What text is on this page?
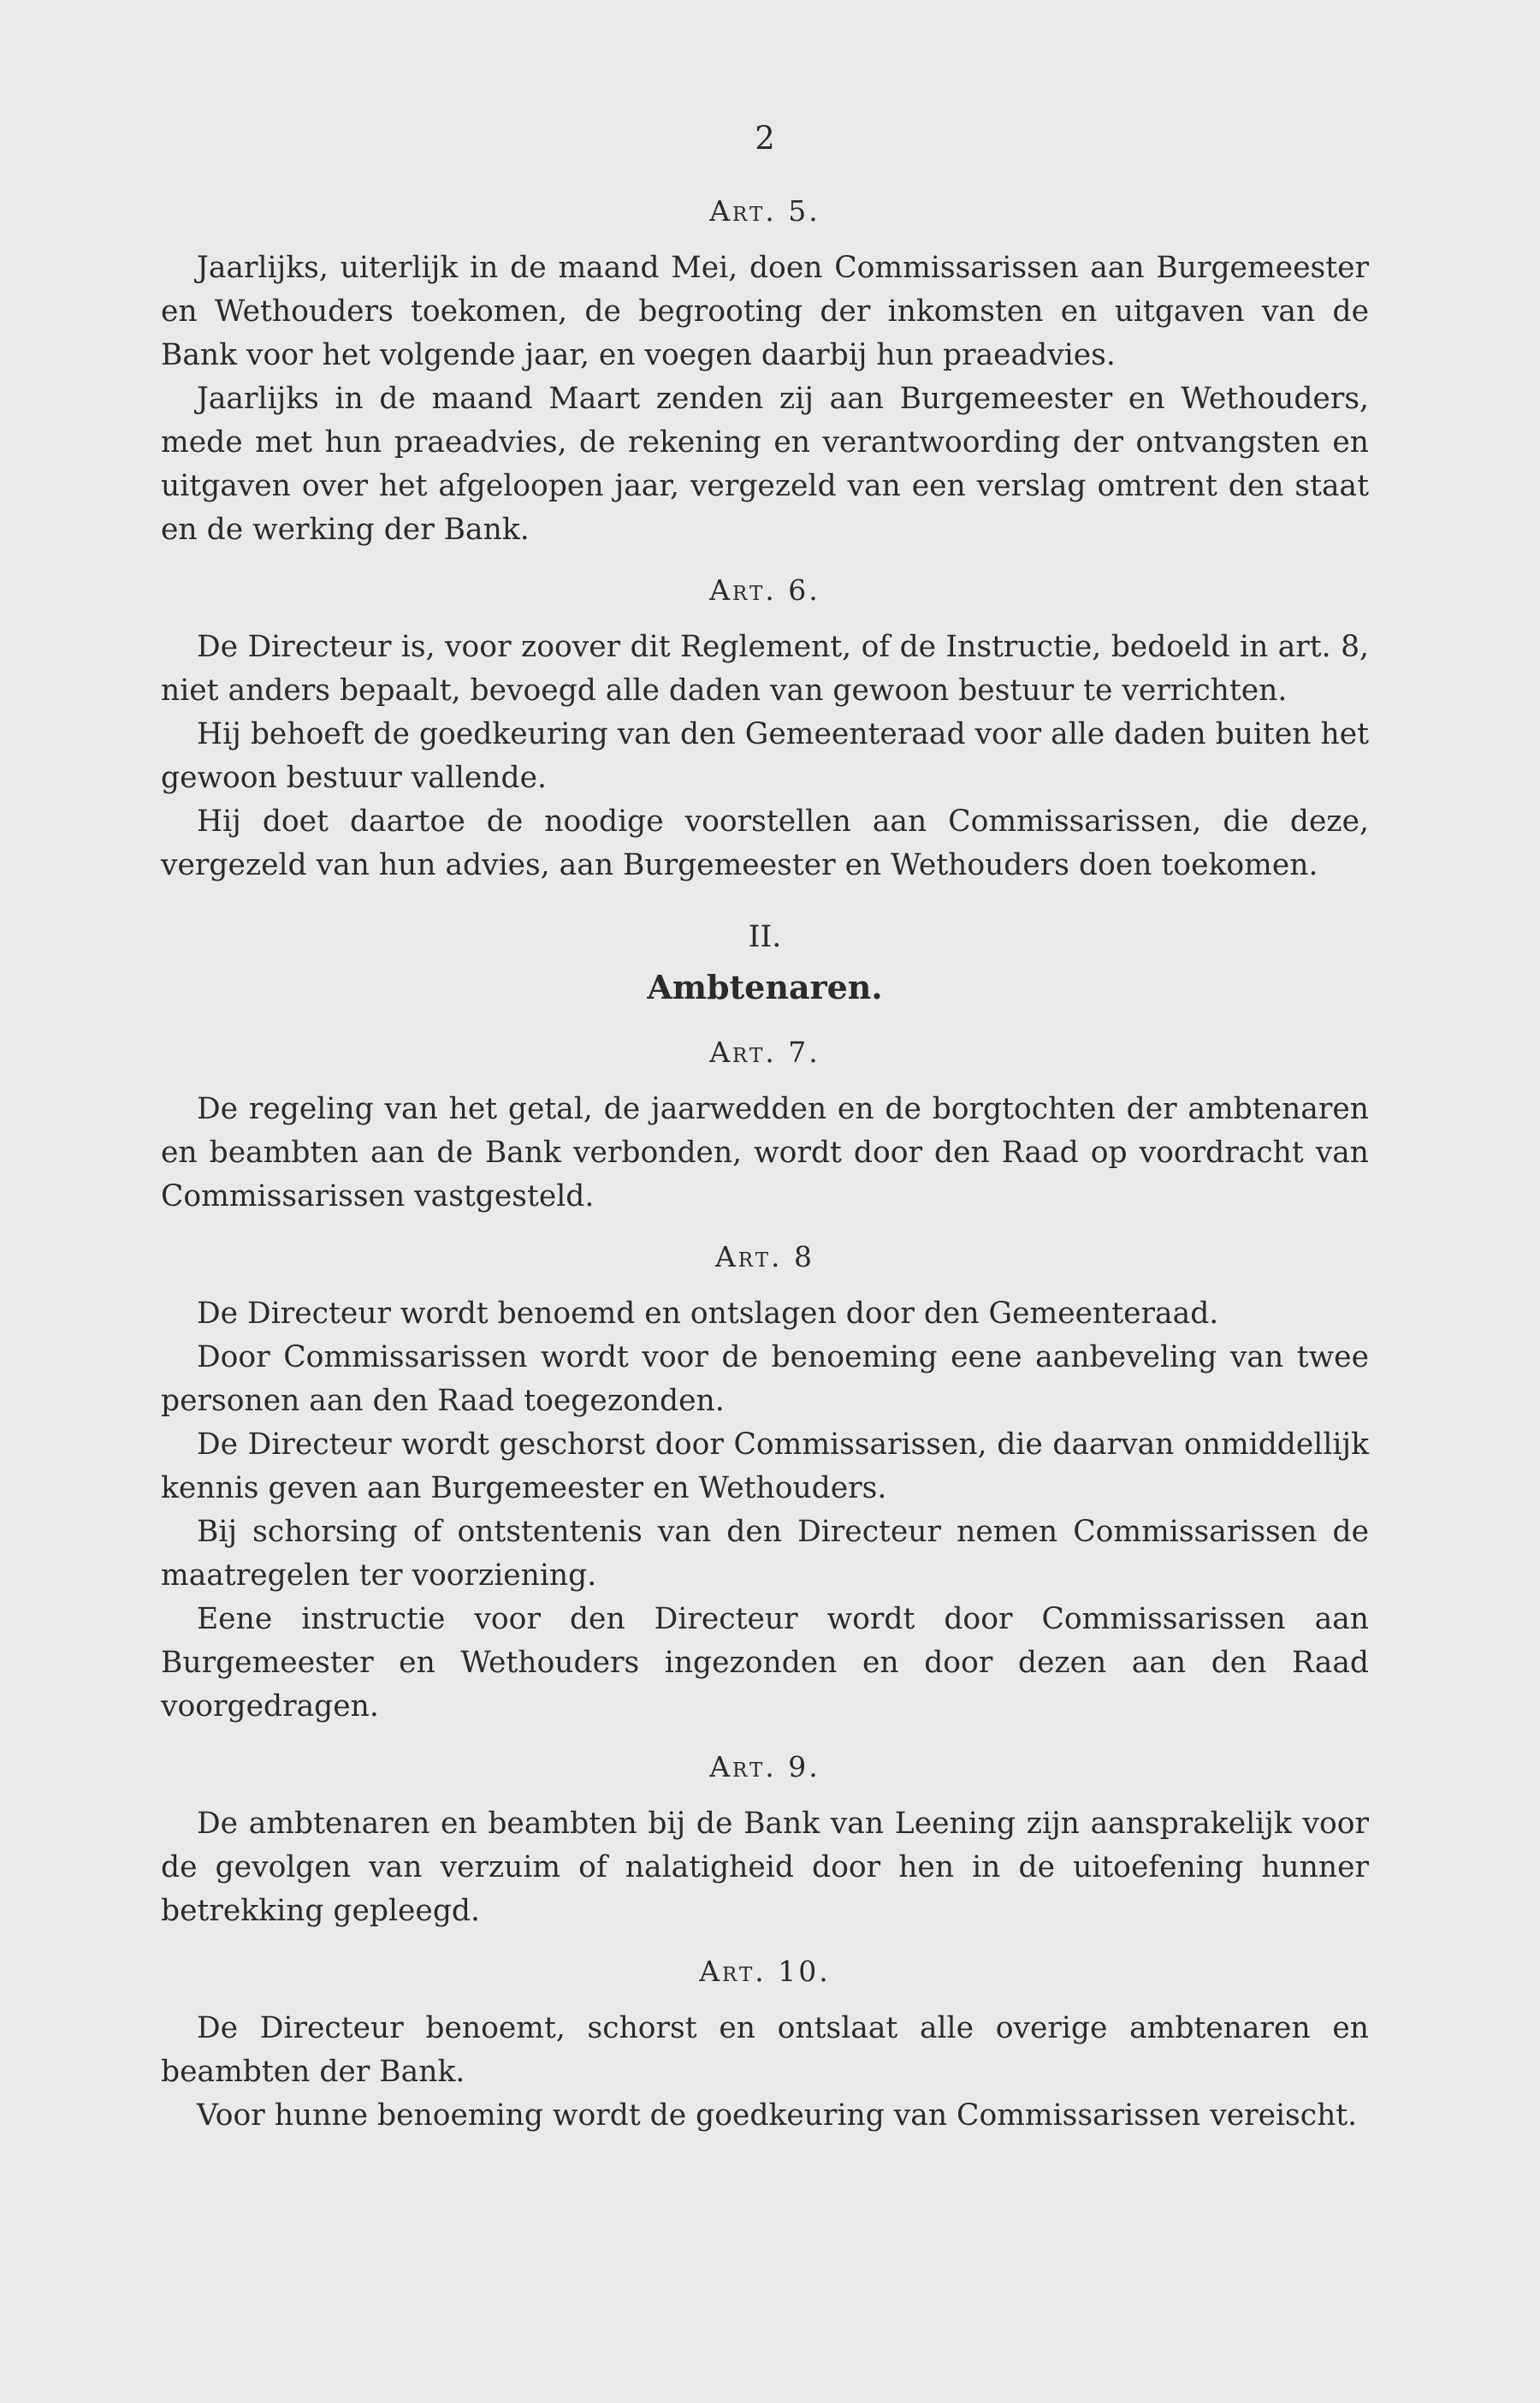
2
Art. 5.

Jaarlijks, uiterlijk in de maand Mei, doen Commissarissen aan Burgemeester en Wethouders toekomen, de begrooting der inkomsten en uitgaven van de Bank voor het volgende jaar, en voegen daarbij hun praeadvies.

Jaarlijks in de maand Maart zenden zij aan Burgemeester en Wethouders, mede met hun praeadvies, de rekening en verantwoording der ontvangsten en uitgaven over het afgeloopen jaar, vergezeld van een verslag omtrent den staat en de werking der Bank.

Art. 6.

De Directeur is, voor zoover dit Reglement, of de Instructie, bedoeld in art. 8, niet anders bepaalt, bevoegd alle daden van gewoon bestuur te verrichten.

Hij behoeft de goedkeuring van den Gemeenteraad voor alle daden buiten het gewoon bestuur vallende.

Hij doet daartoe de noodige voorstellen aan Commissarissen, die deze, vergezeld van hun advies, aan Burgemeester en Wethouders doen toekomen.

II.
Ambtenaren.
Art. 7.

De regeling van het getal, de jaarwedden en de borgtochten der ambtenaren en beambten aan de Bank verbonden, wordt door den Raad op voordracht van Commissarissen vastgesteld.

Art. 8

De Directeur wordt benoemd en ontslagen door den Gemeenteraad.

Door Commissarissen wordt voor de benoeming eene aanbeveling van twee personen aan den Raad toegezonden.

De Directeur wordt geschorst door Commissarissen, die daarvan onmiddellijk kennis geven aan Burgemeester en Wethouders.

Bij schorsing of ontstentenis van den Directeur nemen Commissarissen de maatregelen ter voorziening.

Eene instructie voor den Directeur wordt door Commissarissen aan Burgemeester en Wethouders ingezonden en door dezen aan den Raad voorgedragen.

Art. 9.

De ambtenaren en beambten bij de Bank van Leening zijn aansprakelijk voor de gevolgen van verzuim of nalatigheid door hen in de uitoefening hunner betrekking gepleegd.

Art. 10.

De Directeur benoemt, schorst en ontslaat alle overige ambtenaren en beambten der Bank.

Voor hunne benoeming wordt de goedkeuring van Commissarissen vereischt.
